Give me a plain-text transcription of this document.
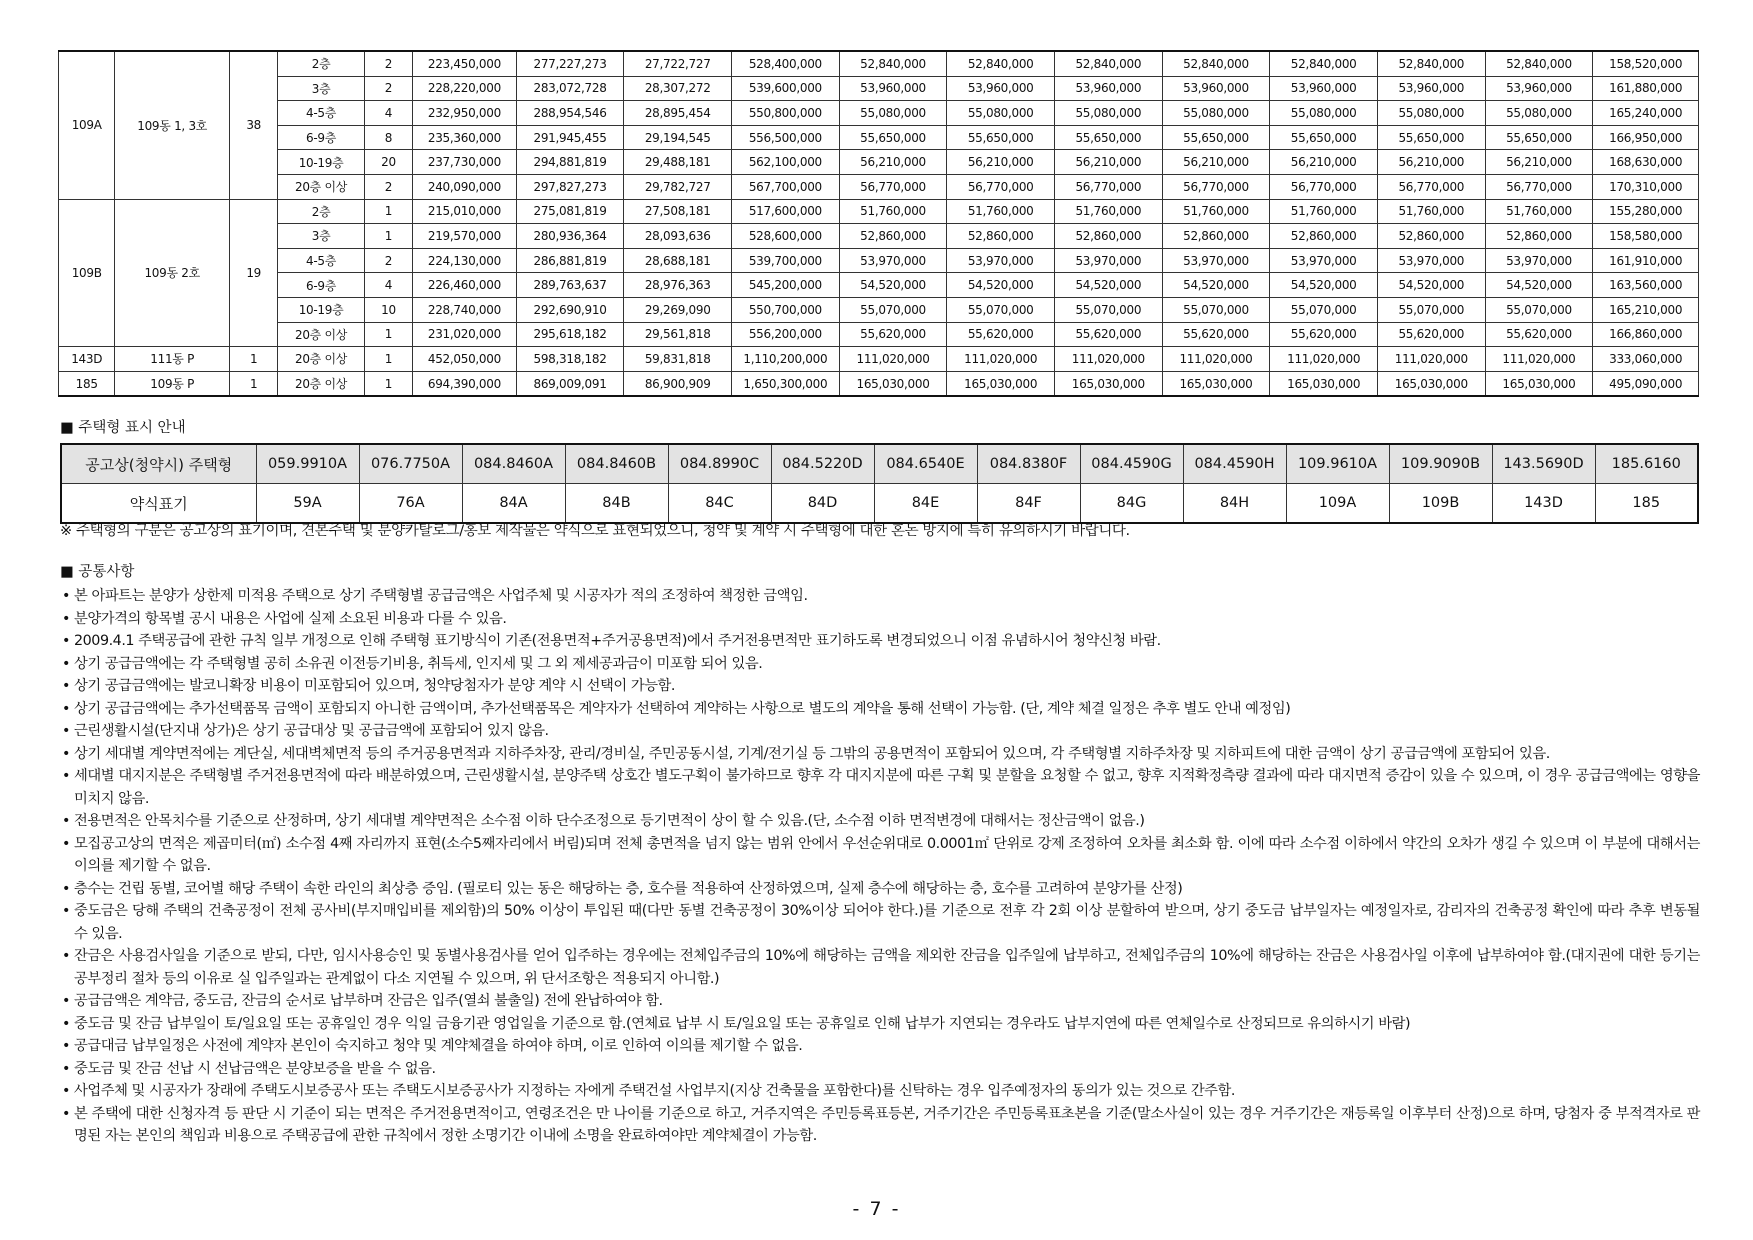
109A	109동 1, 3호	38	2층	2	223,450,000	277,227,273	27,722,727	528,400,000	52,840,000	52,840,000	52,840,000	52,840,000	52,840,000	52,840,000	52,840,000	158,520,000
			3층	2	228,220,000	283,072,728	28,307,272	539,600,000	53,960,000	53,960,000	53,960,000	53,960,000	53,960,000	53,960,000	53,960,000	161,880,000
			4-5층	4	232,950,000	288,954,546	28,895,454	550,800,000	55,080,000	55,080,000	55,080,000	55,080,000	55,080,000	55,080,000	55,080,000	165,240,000
			6-9층	8	235,360,000	291,945,455	29,194,545	556,500,000	55,650,000	55,650,000	55,650,000	55,650,000	55,650,000	55,650,000	55,650,000	166,950,000
			10-19층	20	237,730,000	294,881,819	29,488,181	562,100,000	56,210,000	56,210,000	56,210,000	56,210,000	56,210,000	56,210,000	56,210,000	168,630,000
			20층 이상	2	240,090,000	297,827,273	29,782,727	567,700,000	56,770,000	56,770,000	56,770,000	56,770,000	56,770,000	56,770,000	56,770,000	170,310,000
109B	109동 2호	19	2층	1	215,010,000	275,081,819	27,508,181	517,600,000	51,760,000	51,760,000	51,760,000	51,760,000	51,760,000	51,760,000	51,760,000	155,280,000
			3층	1	219,570,000	280,936,364	28,093,636	528,600,000	52,860,000	52,860,000	52,860,000	52,860,000	52,860,000	52,860,000	52,860,000	158,580,000
			4-5층	2	224,130,000	286,881,819	28,688,181	539,700,000	53,970,000	53,970,000	53,970,000	53,970,000	53,970,000	53,970,000	53,970,000	161,910,000
			6-9층	4	226,460,000	289,763,637	28,976,363	545,200,000	54,520,000	54,520,000	54,520,000	54,520,000	54,520,000	54,520,000	54,520,000	163,560,000
			10-19층	10	228,740,000	292,690,910	29,269,090	550,700,000	55,070,000	55,070,000	55,070,000	55,070,000	55,070,000	55,070,000	55,070,000	165,210,000
			20층 이상	1	231,020,000	295,618,182	29,561,818	556,200,000	55,620,000	55,620,000	55,620,000	55,620,000	55,620,000	55,620,000	55,620,000	166,860,000
143D	111동 P	1	20층 이상	1	452,050,000	598,318,182	59,831,818	1,110,200,000	111,020,000	111,020,000	111,020,000	111,020,000	111,020,000	111,020,000	111,020,000	333,060,000
185	109동 P	1	20층 이상	1	694,390,000	869,009,091	86,900,909	1,650,300,000	165,030,000	165,030,000	165,030,000	165,030,000	165,030,000	165,030,000	165,030,000	495,090,000
■ 주택형 표시 안내
공고상(청약시) 주택형	059.9910A	076.7750A	084.8460A	084.8460B	084.8990C	084.5220D	084.6540E	084.8380F	084.4590G	084.4590H	109.9610A	109.9090B	143.5690D	185.6160
약식표기	59A	76A	84A	84B	84C	84D	84E	84F	84G	84H	109A	109B	143D	185
※ 주택형의 구분은 공고상의 표기이며, 견본주택 및 분양카탈로그/홍보 제작물은 약식으로 표현되었으니, 청약 및 계약 시 주택형에 대한 혼돈 방지에 특히 유의하시기 바랍니다.
■ 공통사항
• 본 아파트는 분양가 상한제 미적용 주택으로 상기 주택형별 공급금액은 사업주체 및 시공자가 적의 조정하여 책정한 금액임.
• 분양가격의 항목별 공시 내용은 사업에 실제 소요된 비용과 다를 수 있음.
• 2009.4.1 주택공급에 관한 규칙 일부 개정으로 인해 주택형 표기방식이 기존(전용면적+주거공용면적)에서 주거전용면적만 표기하도록 변경되었으니 이점 유념하시어 청약신청 바람.
• 상기 공급금액에는 각 주택형별 공히 소유권 이전등기비용, 취득세, 인지세 및 그 외 제세공과금이 미포함 되어 있음.
• 상기 공급금액에는 발코니확장 비용이 미포함되어 있으며, 청약당첨자가 분양 계약 시 선택이 가능함.
• 상기 공급금액에는 추가선택품목 금액이 포함되지 아니한 금액이며, 추가선택품목은 계약자가 선택하여 계약하는 사항으로 별도의 계약을 통해 선택이 가능함. (단, 계약 체결 일정은 추후 별도 안내 예정임)
• 근린생활시설(단지내 상가)은 상기 공급대상 및 공급금액에 포함되어 있지 않음.
• 상기 세대별 계약면적에는 계단실, 세대벽체면적 등의 주거공용면적과 지하주차장, 관리/경비실, 주민공동시설, 기계/전기실 등 그밖의 공용면적이 포함되어 있으며, 각 주택형별 지하주차장 및 지하피트에 대한 금액이 상기 공급금액에 포함되어 있음.
• 세대별 대지지분은 주택형별 주거전용면적에 따라 배분하였으며, 근린생활시설, 분양주택 상호간 별도구획이 불가하므로 향후 각 대지지분에 따른 구획 및 분할을 요청할 수 없고, 향후 지적확정측량 결과에 따라 대지면적 증감이 있을 수 있으며, 이 경우 공급금액에는 영향을 미치지 않음.
• 전용면적은 안목치수를 기준으로 산정하며, 상기 세대별 계약면적은 소수점 이하 단수조정으로 등기면적이 상이 할 수 있음.(단, 소수점 이하 면적변경에 대해서는 정산금액이 없음.)
• 모집공고상의 면적은 제곱미터(㎡) 소수점 4째 자리까지 표현(소수5째자리에서 버림)되며 전체 총면적을 넘지 않는 범위 안에서 우선순위대로 0.0001㎡ 단위로 강제 조정하여 오차를 최소화 함. 이에 따라 소수점 이하에서 약간의 오차가 생길 수 있으며 이 부분에 대해서는 이의를 제기할 수 없음.
• 층수는 건립 동별, 코어별 해당 주택이 속한 라인의 최상층 증임. (필로티 있는 동은 해당하는 층, 호수를 적용하여 산정하였으며, 실제 층수에 해당하는 층, 호수를 고려하여 분양가를 산정)
• 중도금은 당해 주택의 건축공정이 전체 공사비(부지매입비를 제외함)의 50% 이상이 투입된 때(다만 동별 건축공정이 30%이상 되어야 한다.)를 기준으로 전후 각 2회 이상 분할하여 받으며, 상기 중도금 납부일자는 예정일자로, 감리자의 건축공정 확인에 따라 추후 변동될 수 있음.
• 잔금은 사용검사일을 기준으로 받되, 다만, 임시사용승인 및 동별사용검사를 얻어 입주하는 경우에는 전체입주금의 10%에 해당하는 금액을 제외한 잔금을 입주일에 납부하고, 전체입주금의 10%에 해당하는 잔금은 사용검사일 이후에 납부하여야 함.(대지권에 대한 등기는 공부정리 절차 등의 이유로 실 입주일과는 관계없이 다소 지연될 수 있으며, 위 단서조항은 적용되지 아니함.)
• 공급금액은 계약금, 중도금, 잔금의 순서로 납부하며 잔금은 입주(열쇠 불출일) 전에 완납하여야 함.
• 중도금 및 잔금 납부일이 토/일요일 또는 공휴일인 경우 익일 금융기관 영업일을 기준으로 함.(연체료 납부 시 토/일요일 또는 공휴일로 인해 납부가 지연되는 경우라도 납부지연에 따른 연체일수로 산정되므로 유의하시기 바람)
• 공급대금 납부일정은 사전에 계약자 본인이 숙지하고 청약 및 계약체결을 하여야 하며, 이로 인하여 이의를 제기할 수 없음.
• 중도금 및 잔금 선납 시 선납금액은 분양보증을 받을 수 없음.
• 사업주체 및 시공자가 장래에 주택도시보증공사 또는 주택도시보증공사가 지정하는 자에게 주택건설 사업부지(지상 건축물을 포함한다)를 신탁하는 경우 입주예정자의 동의가 있는 것으로 간주함.
• 본 주택에 대한 신청자격 등 판단 시 기준이 되는 면적은 주거전용면적이고, 연령조건은 만 나이를 기준으로 하고, 거주지역은 주민등록표등본, 거주기간은 주민등록표초본을 기준(말소사실이 있는 경우 거주기간은 재등록일 이후부터 산정)으로 하며, 당첨자 중 부적격자로 판명된 자는 본인의 책임과 비용으로 주택공급에 관한 규칙에서 정한 소명기간 이내에 소명을 완료하여야만 계약체결이 가능함.
- 7 -
